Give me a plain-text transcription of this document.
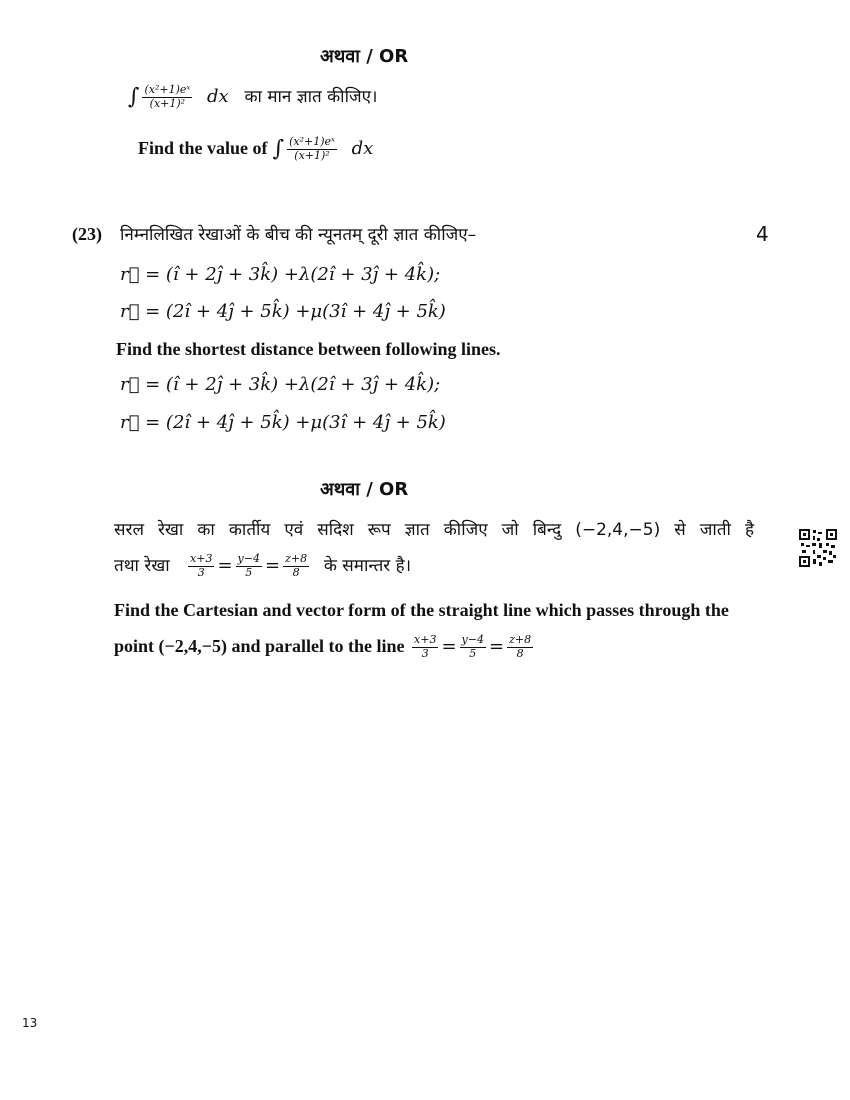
अथवा / OR
∫ $\frac{\text{(x²+1)eˣ}}{\text{(x+1)²}}$ dx का मान ज्ञात कीजिए।
Find the value of ∫ $\frac{\text{(x²+1)eˣ}}{\text{(x+1)²}}$ dx
(23) निम्नलिखित रेखाओं के बीच की न्यूनतम् दूरी ज्ञात कीजिए–	4
r⃗ = (î + 2ĵ + 3k̂) +λ(2î + 3ĵ + 4k̂);
r⃗ = (2î + 4ĵ + 5k̂) +μ(3î + 4ĵ + 5k̂)
Find the shortest distance between following lines.
r⃗ = (î + 2ĵ + 3k̂) +λ(2î + 3ĵ + 4k̂);
r⃗ = (2î + 4ĵ + 5k̂) +μ(3î + 4ĵ + 5k̂)
अथवा / OR
सरल रेखा का कार्तीय एवं सदिश रूप ज्ञात कीजिए जो बिन्दु (−2,4,−5) से जाती है
तथा रेखा $\frac{x+3}{3} = \frac{y-4}{5} = \frac{z+8}{8}$ के समान्तर है।
Find the Cartesian and vector form of the straight line which passes through the
point (−2,4,−5) and parallel to the line $\frac{x+3}{3} = \frac{y-4}{5} = \frac{z+8}{8}$
13
